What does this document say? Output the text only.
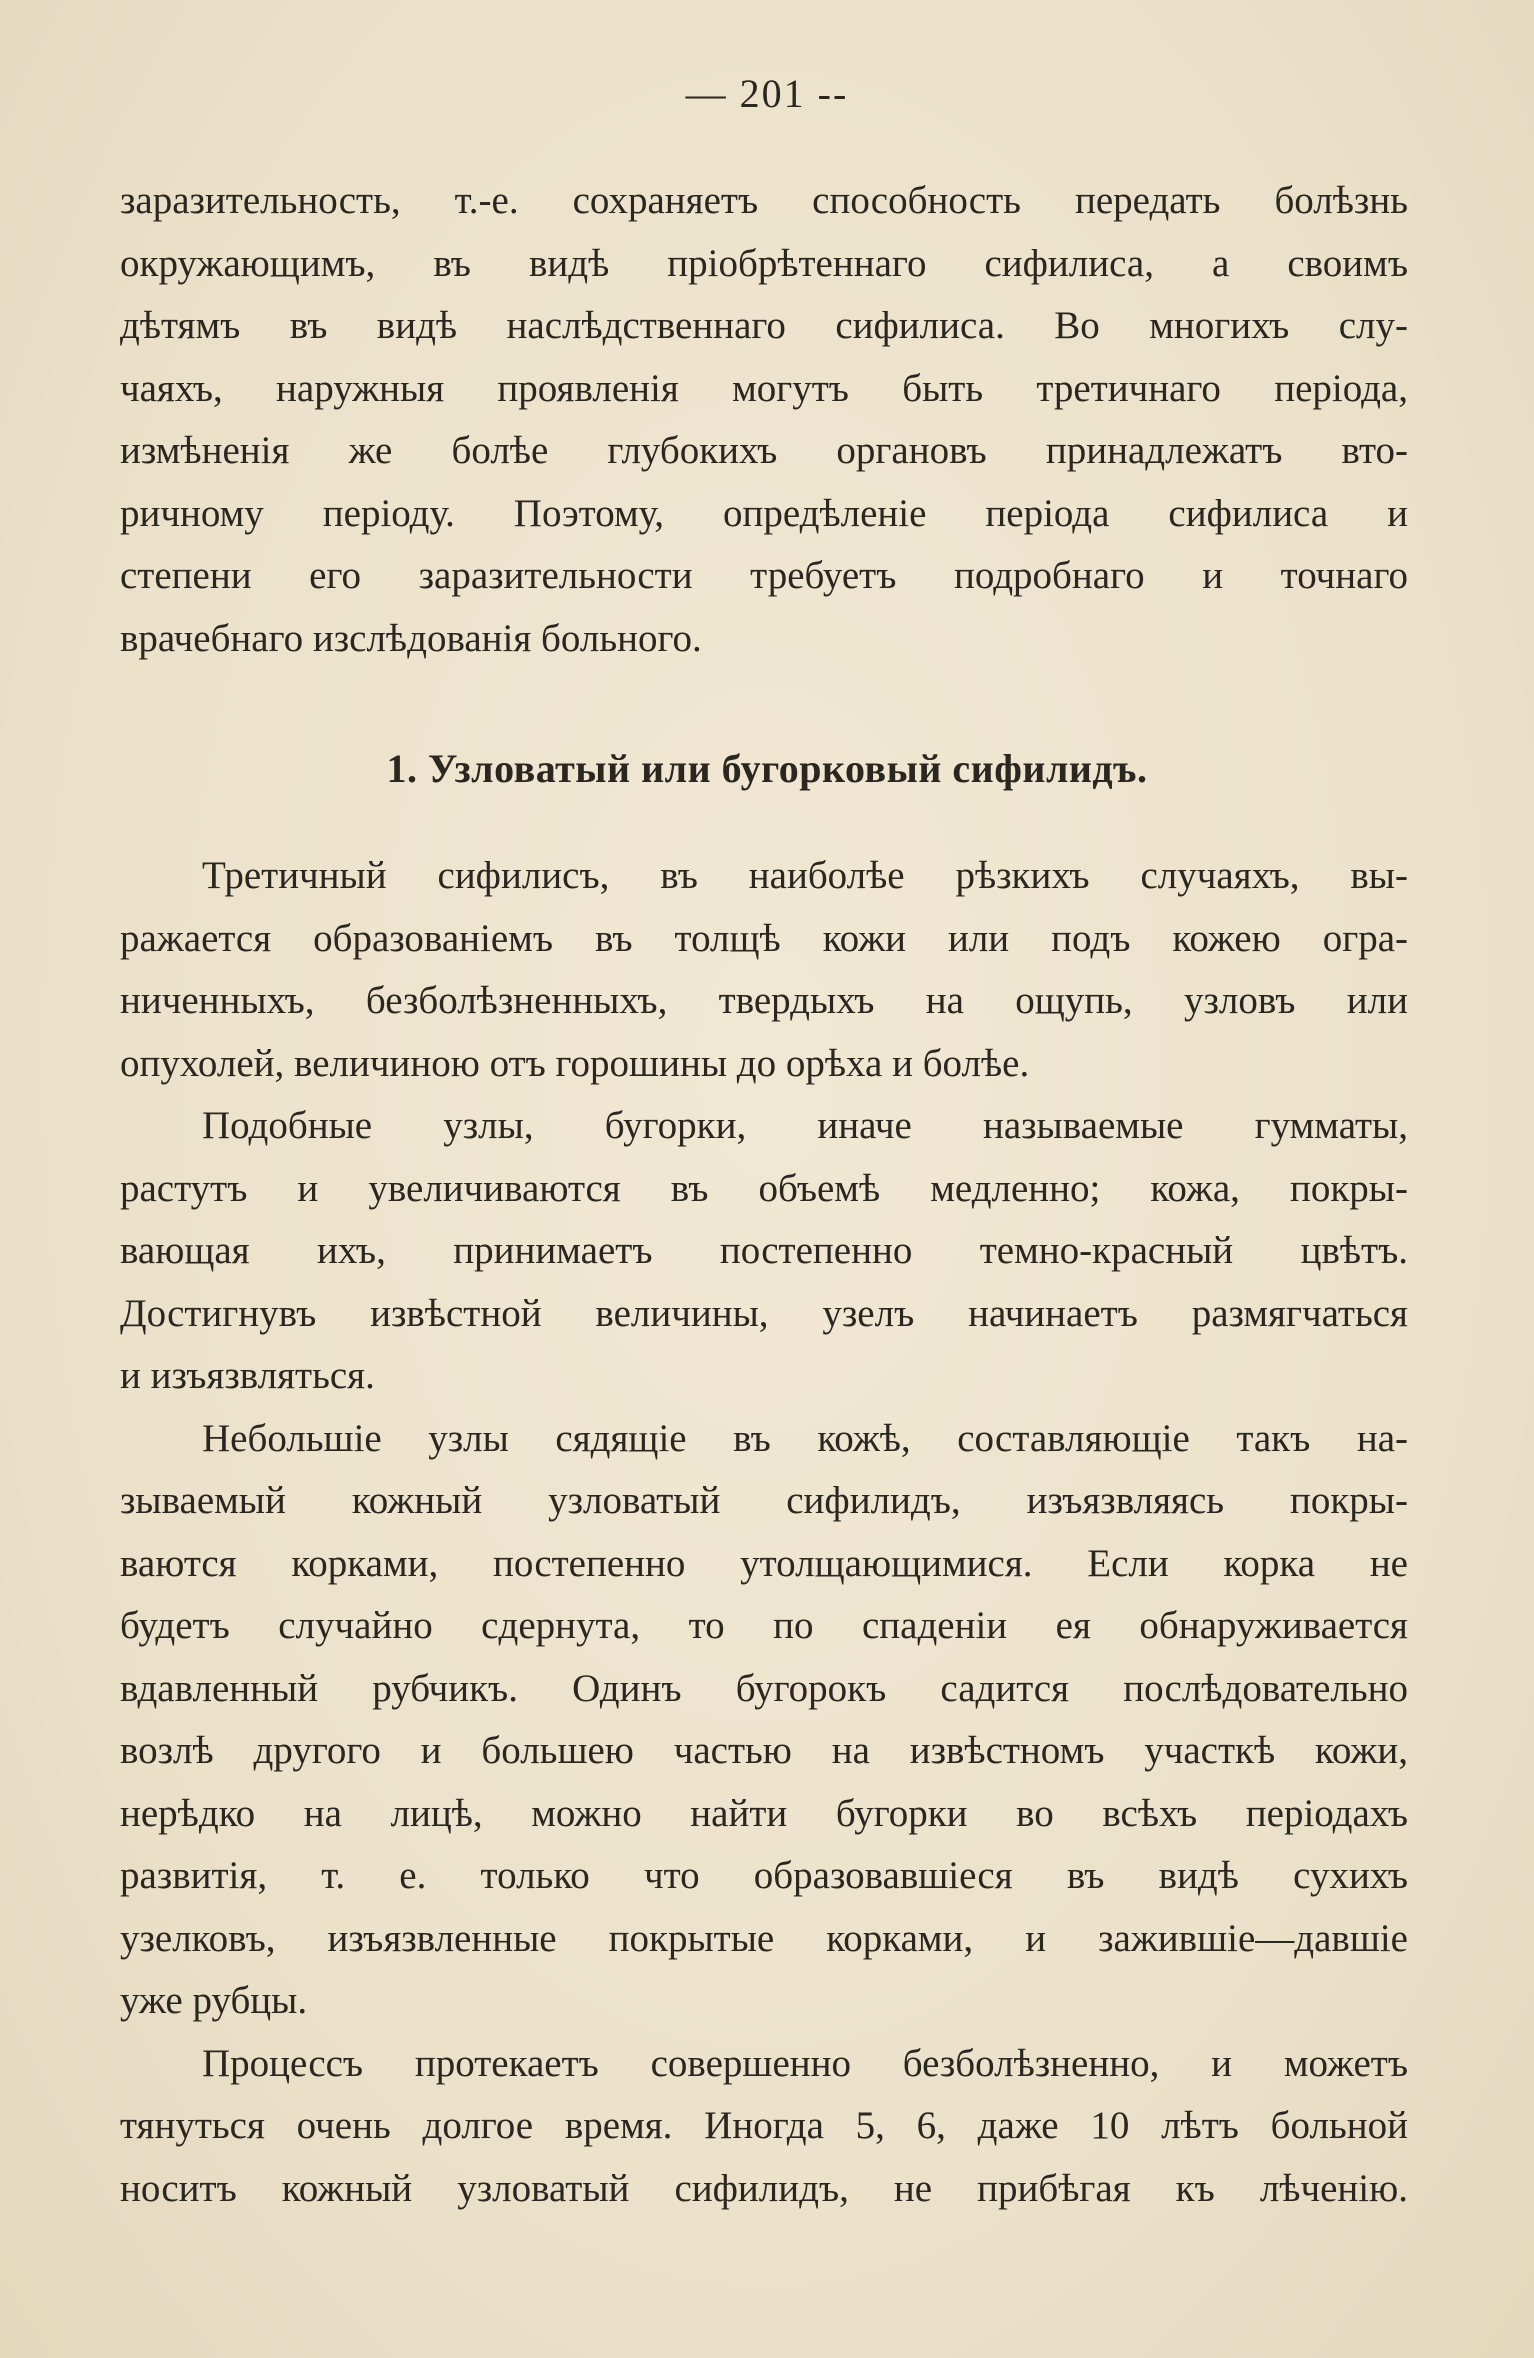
— 201 --
заразительность, т.-е. сохраняетъ способность передать болѣзнь
окружающимъ, въ видѣ пріобрѣтеннаго сифилиса, а своимъ
дѣтямъ въ видѣ наслѣдственнаго сифилиса. Во многихъ слу-
чаяхъ, наружныя проявленія могутъ быть третичнаго періода,
измѣненія же болѣе глубокихъ органовъ принадлежатъ вто-
ричному періоду. Поэтому, опредѣленіе періода сифилиса и
степени его заразительности требуетъ подробнаго и точнаго
врачебнаго изслѣдованія больного.
1. Узловатый или бугорковый сифилидъ.
Третичный сифилисъ, въ наиболѣе рѣзкихъ случаяхъ, вы-
ражается образованіемъ въ толщѣ кожи или подъ кожею огра-
ниченныхъ, безболѣзненныхъ, твердыхъ на ощупь, узловъ или
опухолей, величиною отъ горошины до орѣха и болѣе.
Подобные узлы, бугорки, иначе называемые гумматы,
растутъ и увеличиваются въ объемѣ медленно; кожа, покры-
вающая ихъ, принимаетъ постепенно темно-красный цвѣтъ.
Достигнувъ извѣстной величины, узелъ начинаетъ размягчаться
и изъязвляться.
Небольшіе узлы сядящіе въ кожѣ, составляющіе такъ на-
зываемый кожный узловатый сифилидъ, изъязвляясь покры-
ваются корками, постепенно утолщающимися. Если корка не
будетъ случайно сдернута, то по спаденіи ея обнаруживается
вдавленный рубчикъ. Одинъ бугорокъ садится послѣдовательно
возлѣ другого и большею частью на извѣстномъ участкѣ кожи,
нерѣдко на лицѣ, можно найти бугорки во всѣхъ періодахъ
развитія, т. е. только что образовавшіеся въ видѣ сухихъ
узелковъ, изъязвленные покрытые корками, и зажившіе—давшіе
уже рубцы.
Процессъ протекаетъ совершенно безболѣзненно, и можетъ
тянуться очень долгое время. Иногда 5, 6, даже 10 лѣтъ больной
носитъ кожный узловатый сифилидъ, не прибѣгая къ лѣченію.
